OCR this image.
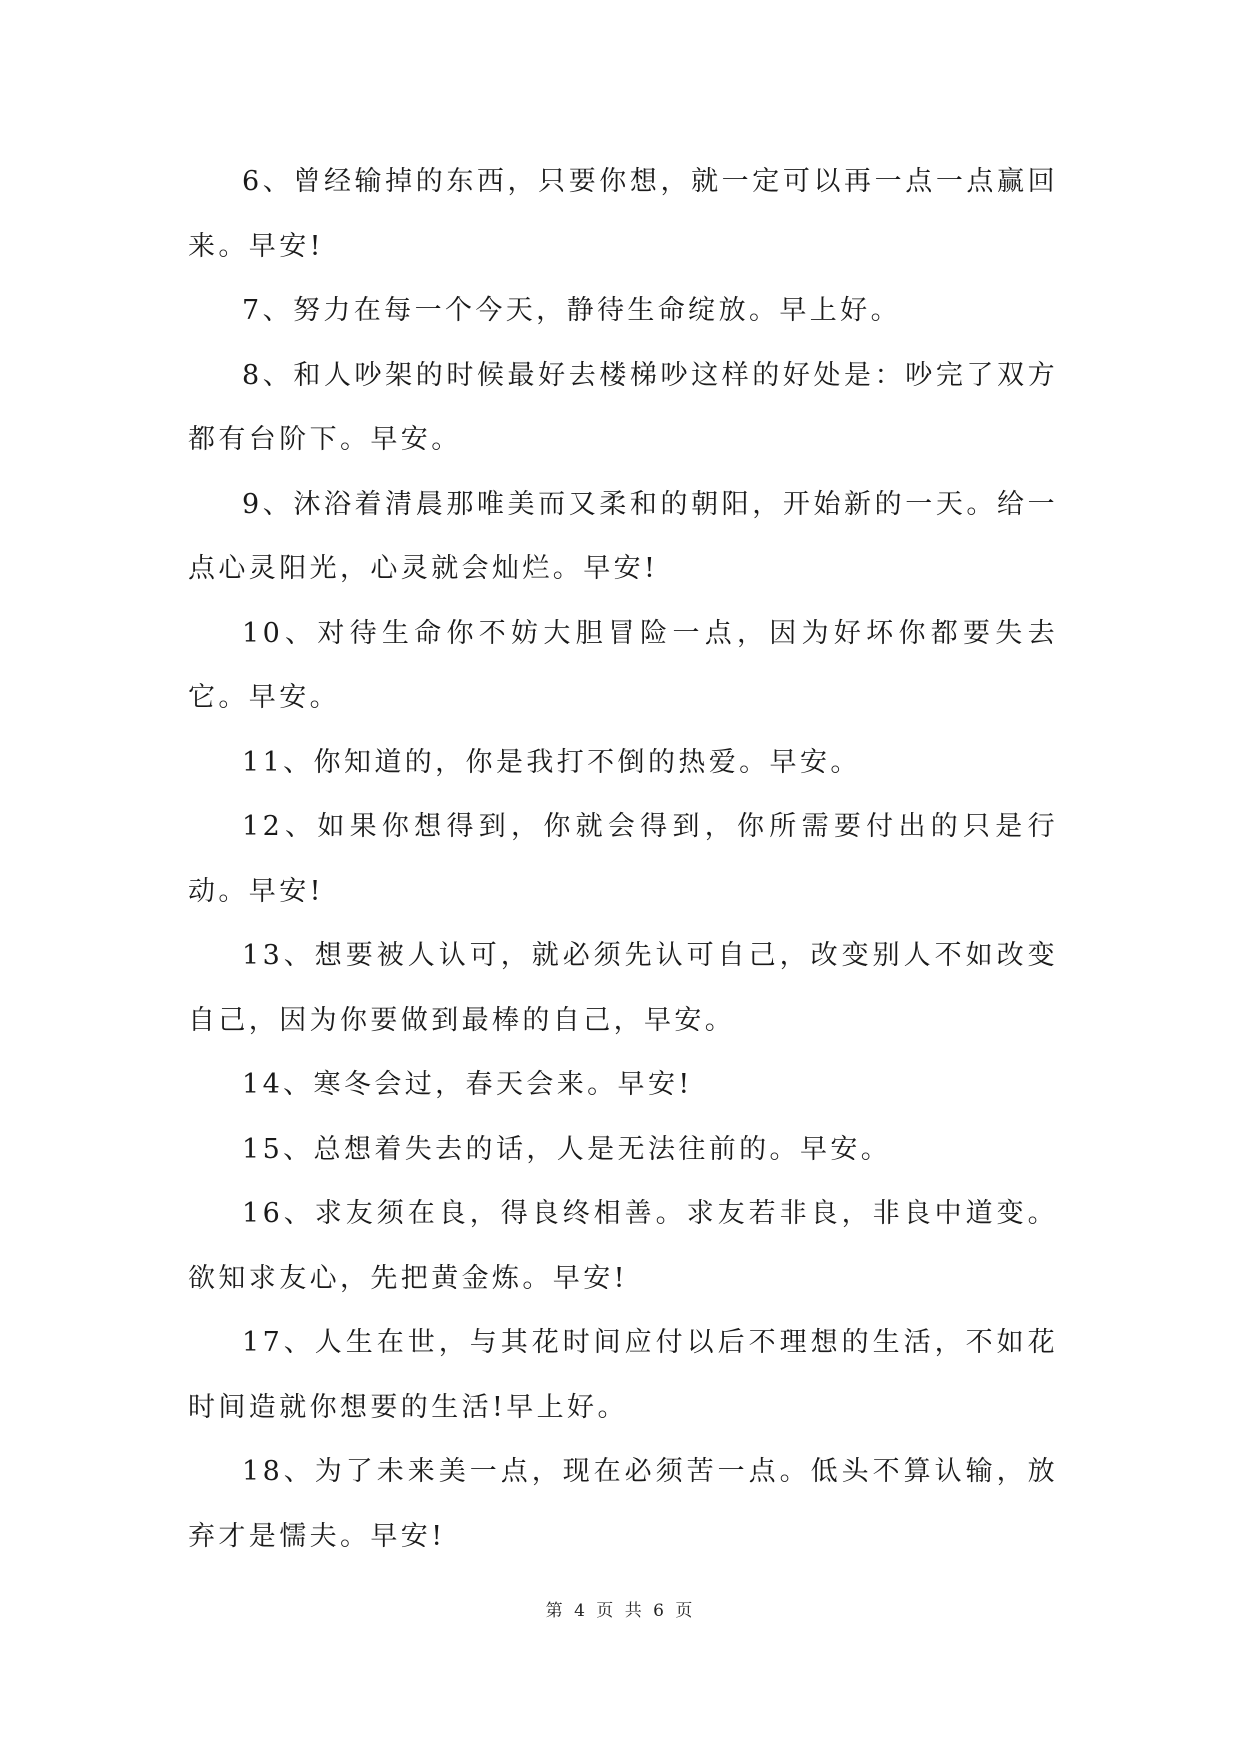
6、曾经输掉的东西，只要你想，就一定可以再一点一点赢回来。早安!

7、努力在每一个今天，静待生命绽放。早上好。

8、和人吵架的时候最好去楼梯吵这样的好处是：吵完了双方都有台阶下。早安。

9、沐浴着清晨那唯美而又柔和的朝阳，开始新的一天。给一点心灵阳光，心灵就会灿烂。早安!

10、对待生命你不妨大胆冒险一点，因为好坏你都要失去它。早安。

11、你知道的，你是我打不倒的热爱。早安。

12、如果你想得到，你就会得到，你所需要付出的只是行动。早安!

13、想要被人认可，就必须先认可自己，改变别人不如改变自己，因为你要做到最棒的自己，早安。

14、寒冬会过，春天会来。早安!

15、总想着失去的话，人是无法往前的。早安。

16、求友须在良，得良终相善。求友若非良，非良中道变。欲知求友心，先把黄金炼。早安!

17、人生在世，与其花时间应付以后不理想的生活，不如花时间造就你想要的生活!早上好。

18、为了未来美一点，现在必须苦一点。低头不算认输，放弃才是懦夫。早安!

第 4 页 共 6 页
